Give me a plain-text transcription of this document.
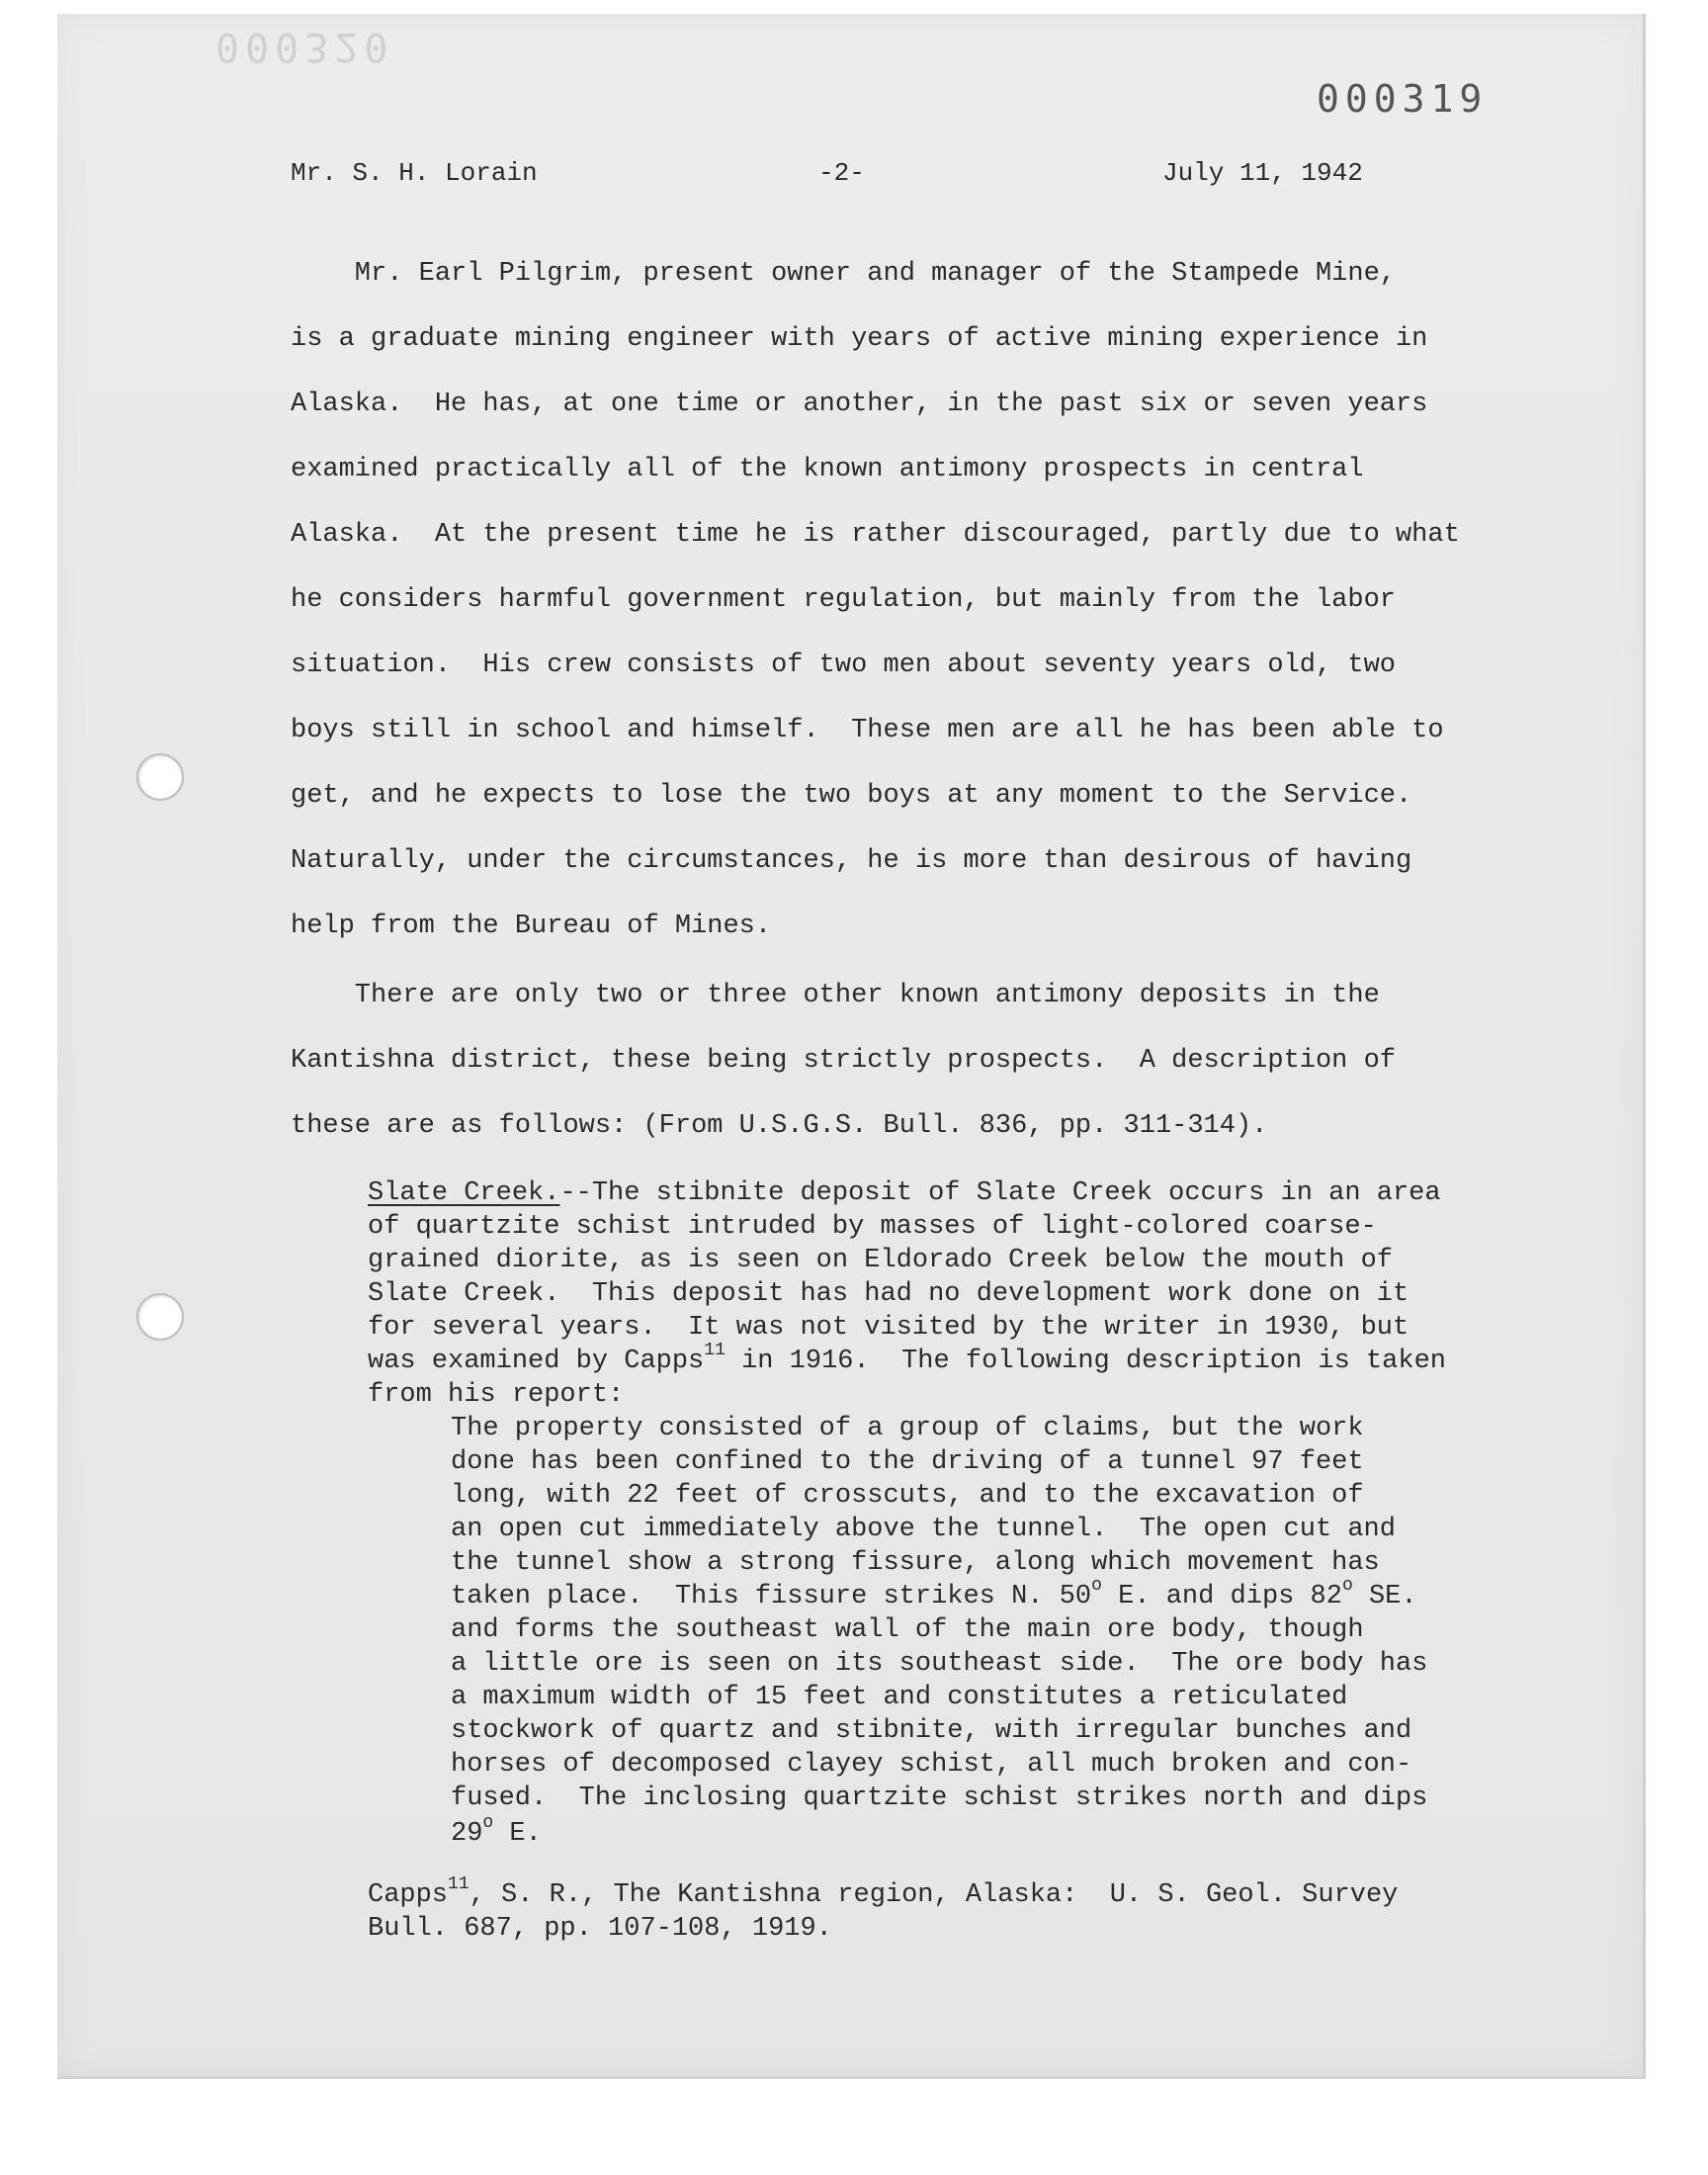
000320
000319
Mr. S. H. Lorain	-2-	July 11, 1942
Mr. Earl Pilgrim, present owner and manager of the Stampede Mine,
is a graduate mining engineer with years of active mining experience in
Alaska.  He has, at one time or another, in the past six or seven years
examined practically all of the known antimony prospects in central
Alaska.  At the present time he is rather discouraged, partly due to what
he considers harmful government regulation, but mainly from the labor
situation.  His crew consists of two men about seventy years old, two
boys still in school and himself.  These men are all he has been able to
get, and he expects to lose the two boys at any moment to the Service.
Naturally, under the circumstances, he is more than desirous of having
help from the Bureau of Mines.
There are only two or three other known antimony deposits in the
Kantishna district, these being strictly prospects.  A description of
these are as follows: (From U.S.G.S. Bull. 836, pp. 311-314).
Slate Creek.--The stibnite deposit of Slate Creek occurs in an area
of quartzite schist intruded by masses of light-colored coarse-
grained diorite, as is seen on Eldorado Creek below the mouth of
Slate Creek.  This deposit has had no development work done on it
for several years.  It was not visited by the writer in 1930, but
was examined by Capps$^{11}$ in 1916.  The following description is taken
from his report:
The property consisted of a group of claims, but the work
done has been confined to the driving of a tunnel 97 feet
long, with 22 feet of crosscuts, and to the excavation of
an open cut immediately above the tunnel.  The open cut and
the tunnel show a strong fissure, along which movement has
taken place.  This fissure strikes N. 50$^o$ E. and dips 82$^o$ SE.
and forms the southeast wall of the main ore body, though
a little ore is seen on its southeast side.  The ore body has
a maximum width of 15 feet and constitutes a reticulated
stockwork of quartz and stibnite, with irregular bunches and
horses of decomposed clayey schist, all much broken and con-
fused.  The inclosing quartzite schist strikes north and dips
29$^o$ E.
Capps$^{11}$, S. R., The Kantishna region, Alaska:  U. S. Geol. Survey
Bull. 687, pp. 107-108, 1919.
